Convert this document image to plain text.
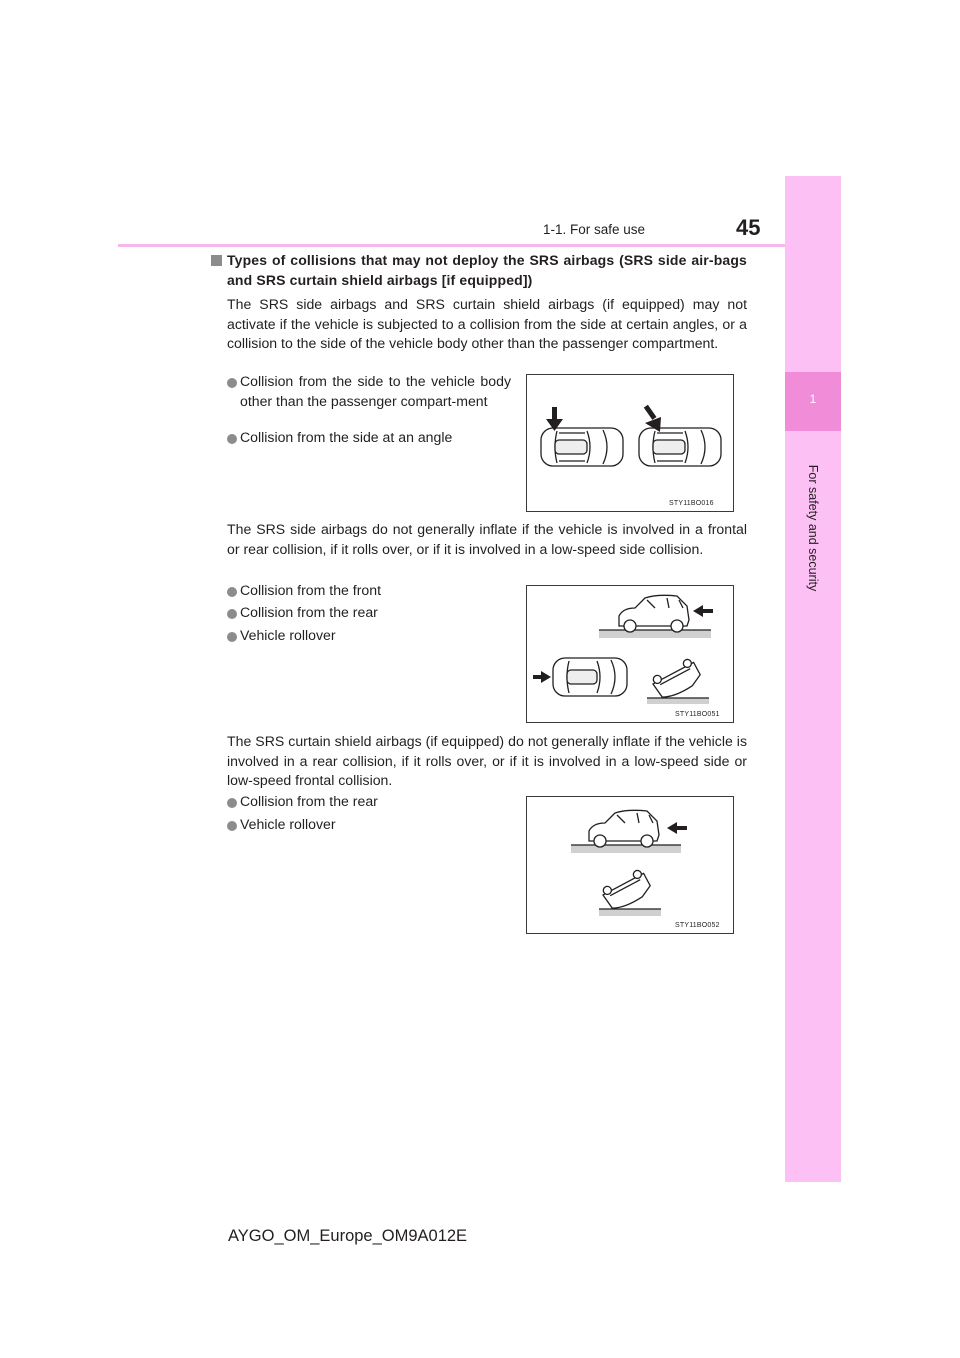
1
For safety and security
1-1. For safe use	45
Types of collisions that may not deploy the SRS airbags (SRS side air-bags and SRS curtain shield airbags [if equipped])
The SRS side airbags and SRS curtain shield airbags (if equipped) may not activate if the vehicle is subjected to a collision from the side at certain angles, or a collision to the side of the vehicle body other than the passenger compartment.
Collision from the side to the vehicle body other than the passenger compart-ment
Collision from the side at an angle
STY11BO016
The SRS side airbags do not generally inflate if the vehicle is involved in a frontal or rear collision, if it rolls over, or if it is involved in a low-speed side collision.
Collision from the front
Collision from the rear
Vehicle rollover
STY11BO051
The SRS curtain shield airbags (if equipped) do not generally inflate if the vehicle is involved in a rear collision, if it rolls over, or if it is involved in a low-speed side or low-speed frontal collision.
Collision from the rear
Vehicle rollover
STY11BO052
AYGO_OM_Europe_OM9A012E
